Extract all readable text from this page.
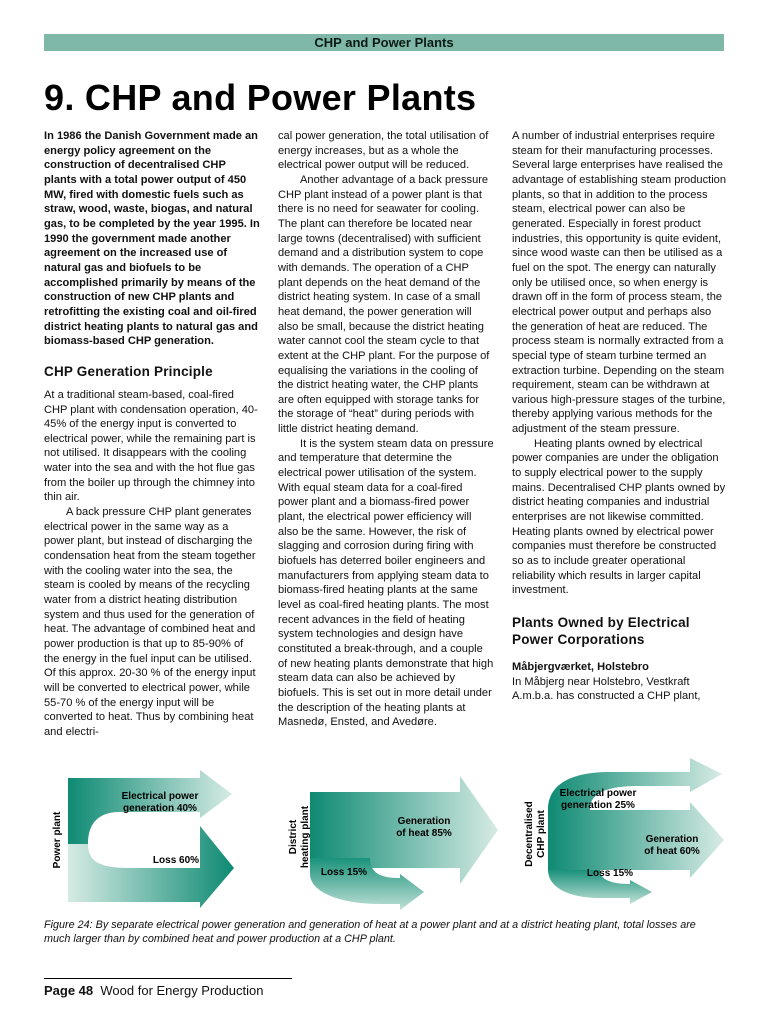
CHP and Power Plants
9. CHP and Power Plants

In 1986 the Danish Government made an energy policy agreement on the construction of decentralised CHP plants with a total power output of 450 MW, fired with domestic fuels such as straw, wood, waste, biogas, and natural gas, to be completed by the year 1995. In 1990 the government made another agreement on the increased use of natural gas and biofuels to be accomplished primarily by means of the construction of new CHP plants and retrofitting the existing coal and oil-fired district heating plants to natural gas and biomass-based CHP generation.

CHP Generation Principle

At a traditional steam-based, coal-fired CHP plant with condensation operation, 40-45% of the energy input is converted to electrical power, while the remaining part is not utilised. It disappears with the cooling water into the sea and with the hot flue gas from the boiler up through the chimney into thin air.

A back pressure CHP plant generates electrical power in the same way as a power plant, but instead of discharging the condensation heat from the steam together with the cooling water into the sea, the steam is cooled by means of the recycling water from a district heating distribution system and thus used for the generation of heat. The advantage of combined heat and power production is that up to 85-90% of the energy in the fuel input can be utilised. Of this approx. 20-30 % of the energy input will be converted to electrical power, while 55-70 % of the energy input will be converted to heat. Thus by combining heat and electri-

cal power generation, the total utilisation of energy increases, but as a whole the electrical power output will be reduced.

Another advantage of a back pressure CHP plant instead of a power plant is that there is no need for seawater for cooling. The plant can therefore be located near large towns (decentralised) with sufficient demand and a distribution system to cope with demands. The operation of a CHP plant depends on the heat demand of the district heating system. In case of a small heat demand, the power generation will also be small, because the district heating water cannot cool the steam cycle to that extent at the CHP plant. For the purpose of equalising the variations in the cooling of the district heating water, the CHP plants are often equipped with storage tanks for the storage of “heat” during periods with little district heating demand.

It is the system steam data on pressure and temperature that determine the electrical power utilisation of the system. With equal steam data for a coal-fired power plant and a biomass-fired power plant, the electrical power efficiency will also be the same. However, the risk of slagging and corrosion during firing with biofuels has deterred boiler engineers and manufacturers from applying steam data to biomass-fired heating plants at the same level as coal-fired heating plants. The most recent advances in the field of heating system technologies and design have constituted a break-through, and a couple of new heating plants demonstrate that high steam data can also be achieved by biofuels. This is set out in more detail under the description of the heating plants at Masnedø, Ensted, and Avedøre.

A number of industrial enterprises require steam for their manufacturing processes. Several large enterprises have realised the advantage of establishing steam production plants, so that in addition to the process steam, electrical power can also be generated. Especially in forest product industries, this opportunity is quite evident, since wood waste can then be utilised as a fuel on the spot. The energy can naturally only be utilised once, so when energy is drawn off in the form of process steam, the electrical power output and perhaps also the generation of heat are reduced. The process steam is normally extracted from a special type of steam turbine termed an extraction turbine. Depending on the steam requirement, steam can be withdrawn at various high-pressure stages of the turbine, thereby applying various methods for the adjustment of the steam pressure.

Heating plants owned by electrical power companies are under the obligation to supply electrical power to the supply mains. Decentralised CHP plants owned by district heating companies and industrial enterprises are not likewise committed. Heating plants owned by electrical power companies must therefore be constructed so as to include greater operational reliability which results in larger capital investment.

Plants Owned by Electrical Power Corporations

Måbjergværket, Holstebro

In Måbjerg near Holstebro, Vestkraft A.m.b.a. has constructed a CHP plant,

Power plant
Electrical power
generation 40%
Loss 60%
District heating plant	Generation
of heat 85%
Loss 15%
Decentralised CHP plant
Electrical power
generation 25%
Generation
of heat 60%
Loss 15%

Figure 24: By separate electrical power generation and generation of heat at a power plant and at a district heating plant, total losses are much larger than by combined heat and power production at a CHP plant.

Page 48 Wood for Energy Production
